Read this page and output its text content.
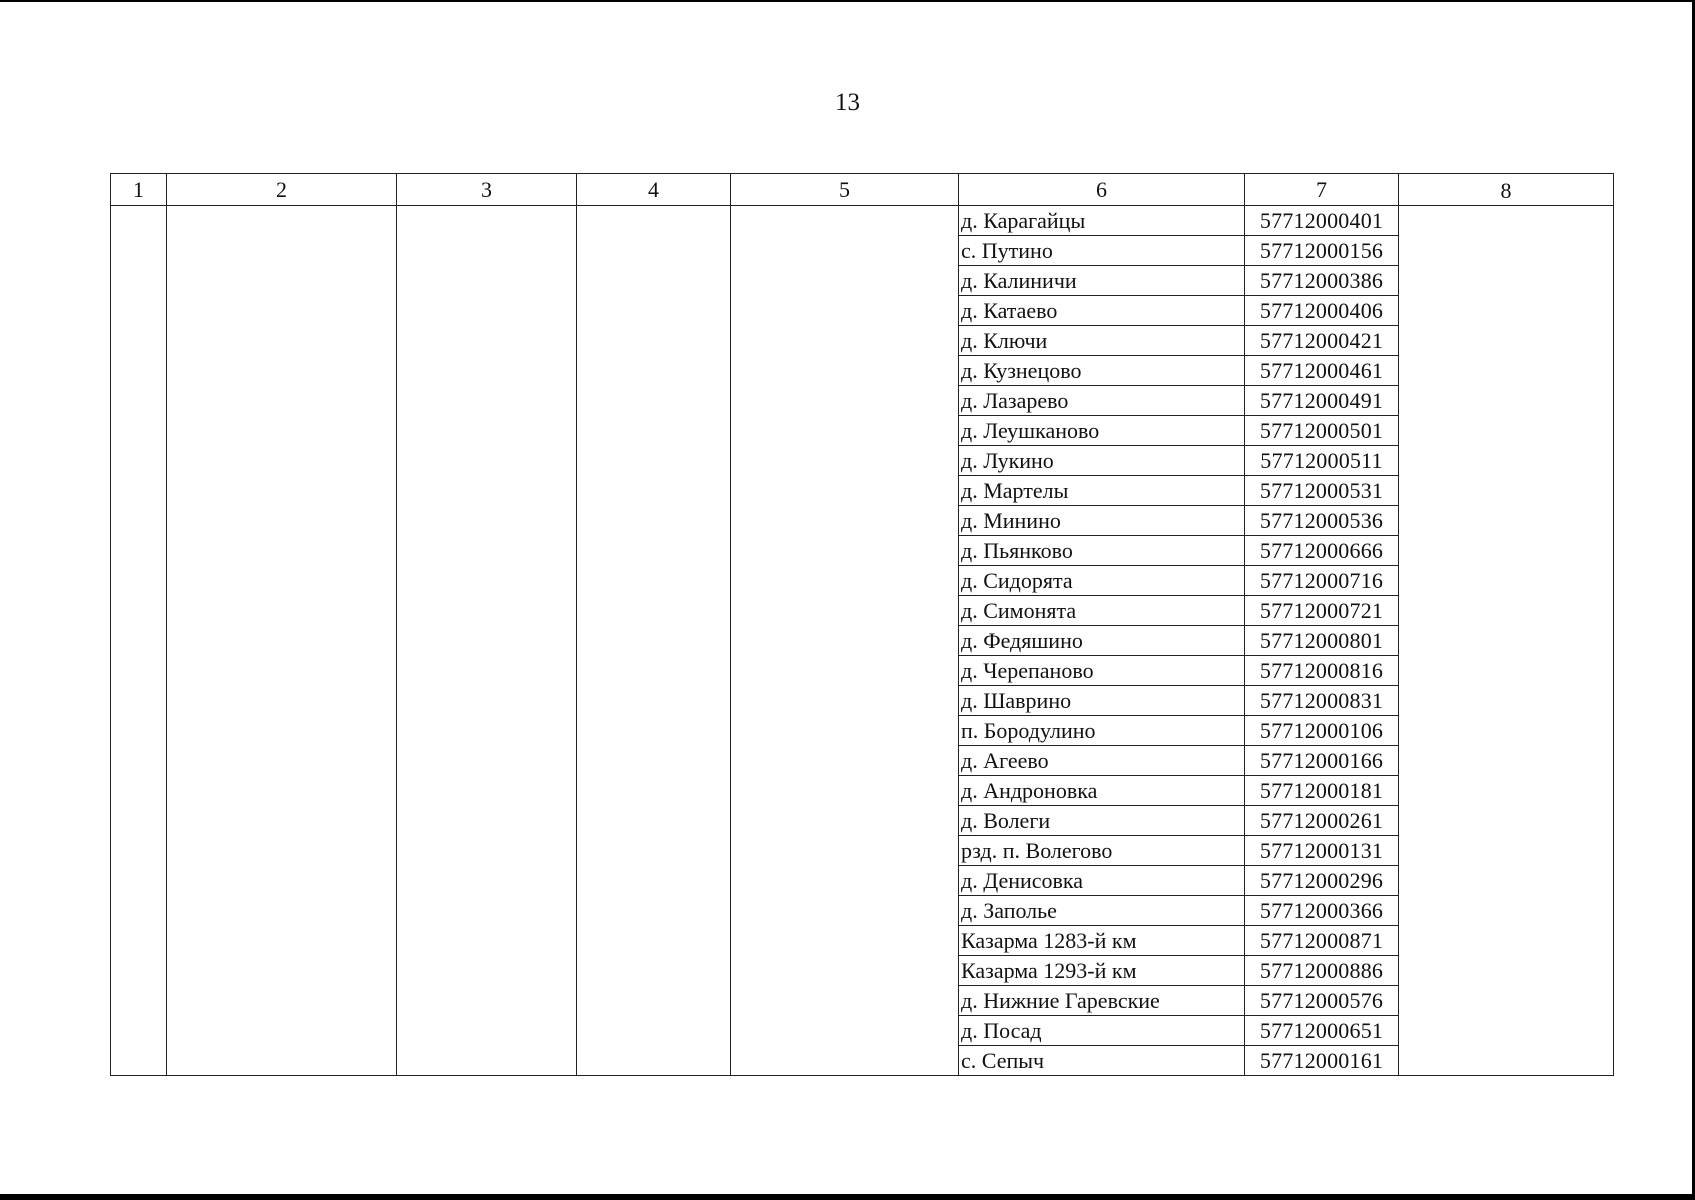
13
1	2	3	4	5	6	7	8
					д. Карагайцы	57712000401	
					с. Путино	57712000156	
					д. Калиничи	57712000386	
					д. Катаево	57712000406	
					д. Ключи	57712000421	
					д. Кузнецово	57712000461	
					д. Лазарево	57712000491	
					д. Леушканово	57712000501	
					д. Лукино	57712000511	
					д. Мартелы	57712000531	
					д. Минино	57712000536	
					д. Пьянково	57712000666	
					д. Сидорята	57712000716	
					д. Симонята	57712000721	
					д. Федяшино	57712000801	
					д. Черепаново	57712000816	
					д. Шаврино	57712000831	
					п. Бородулино	57712000106	
					д. Агеево	57712000166	
					д. Андроновка	57712000181	
					д. Волеги	57712000261	
					рзд. п. Волегово	57712000131	
					д. Денисовка	57712000296	
					д. Заполье	57712000366	
					Казарма 1283-й км	57712000871	
					Казарма 1293-й км	57712000886	
					д. Нижние Гаревские	57712000576	
					д. Посад	57712000651	
					с. Сепыч	57712000161	
